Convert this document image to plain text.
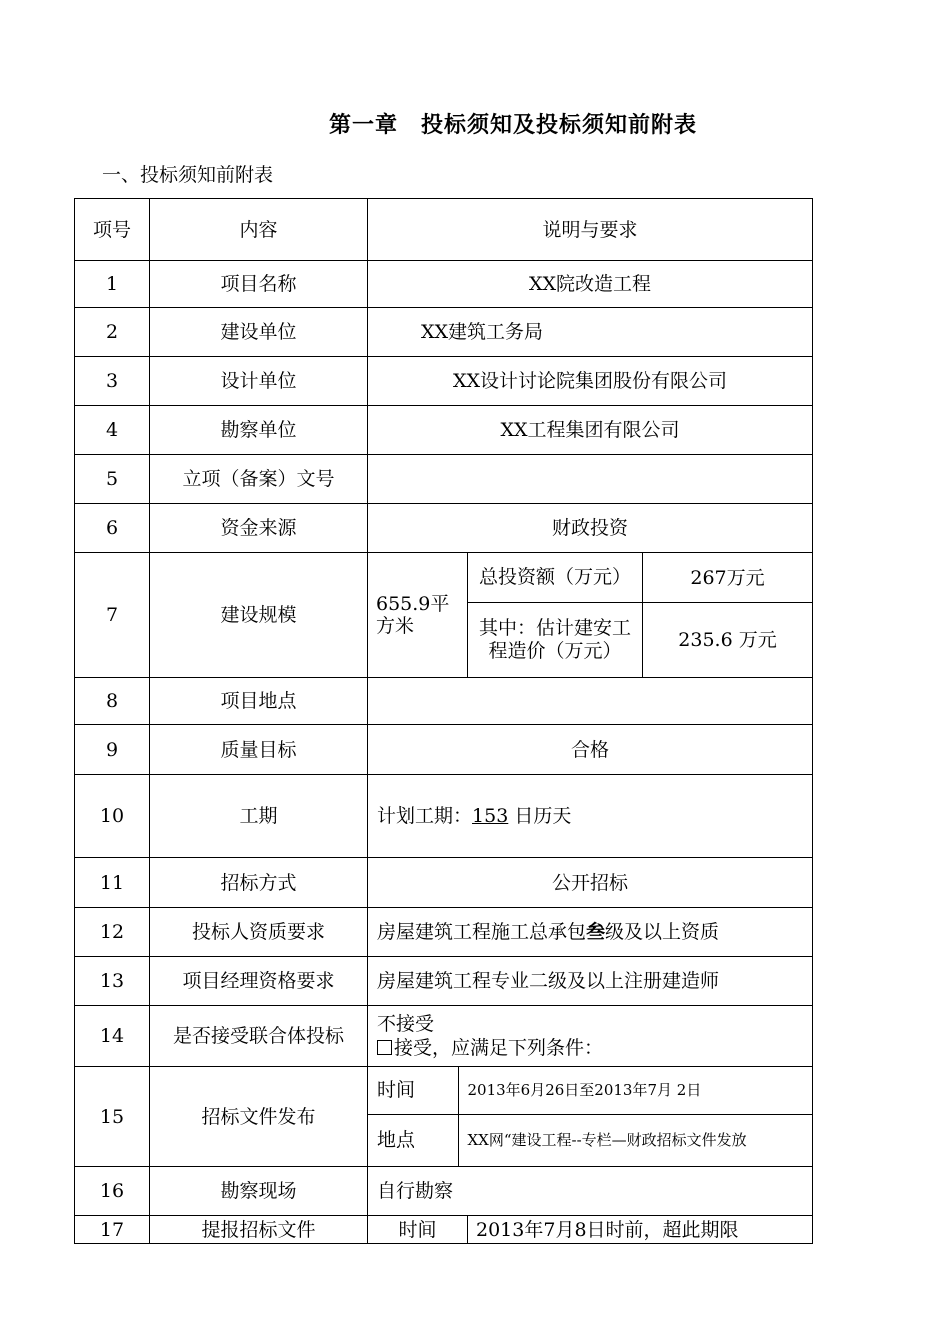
第一章　投标须知及投标须知前附表
一、投标须知前附表
项号	内容	说明与要求
1	项目名称	XX院改造工程
2	建设单位	XX建筑工务局
3	设计单位	XX设计讨论院集团股份有限公司
4	勘察单位	XX工程集团有限公司
5	立项（备案）文号	
6	资金来源	财政投资
7	建设规模	655.9平方米	总投资额（万元）	267万元
其中：估计建安工程造价（万元）	235.6 万元
8	项目地点	
9	质量目标	合格
10	工期	计划工期：153 日历天
11	招标方式	公开招标
12	投标人资质要求	房屋建筑工程施工总承包叁级及以上资质
13	项目经理资格要求	房屋建筑工程专业二级及以上注册建造师
14	是否接受联合体投标	
不接受
接受，应满足下列条件：

15	招标文件发布	
时间	2013年6月26日至2013年7月 2日
地点	XX网“建设工程--专栏—财政招标文件发放

16	勘察现场	自行勘察
17	提报招标文件	时间	2013年7月8日时前，超此期限
